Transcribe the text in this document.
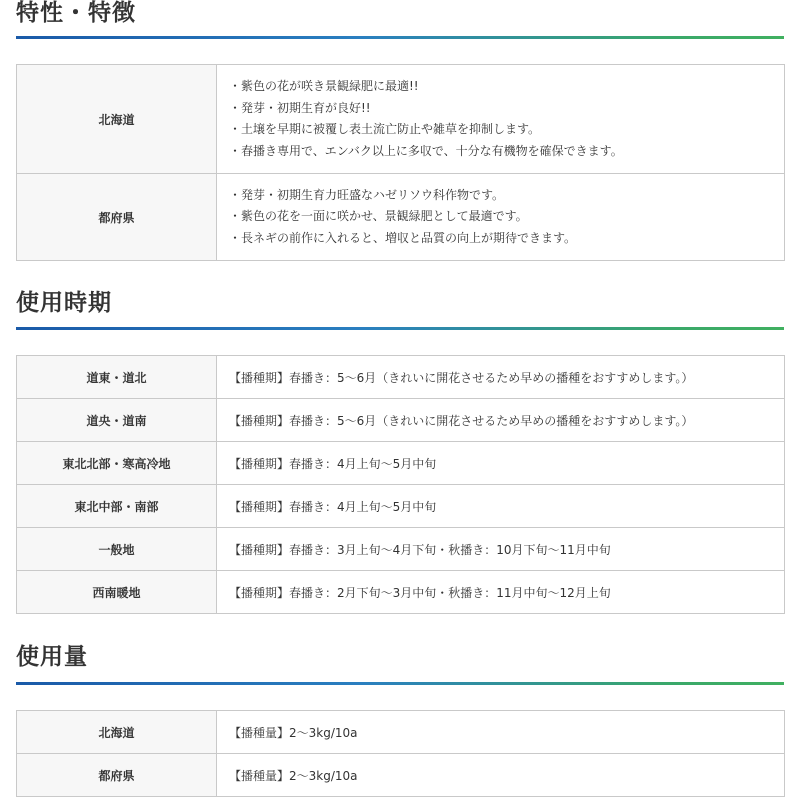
特性・特徴
北海道	・紫色の花が咲き景観緑肥に最適!!
・発芽・初期生育が良好!!
・土壌を早期に被覆し表土流亡防止や雑草を抑制します。
・春播き専用で、エンバク以上に多収で、十分な有機物を確保できます。

都府県	・発芽・初期生育力旺盛なハゼリソウ科作物です。
・紫色の花を一面に咲かせ、景観緑肥として最適です。
・長ネギの前作に入れると、増収と品質の向上が期待できます。
使用時期
道東・道北	【播種期】春播き：5～6月（きれいに開花させるため早めの播種をおすすめします。）
道央・道南	【播種期】春播き：5～6月（きれいに開花させるため早めの播種をおすすめします。）
東北北部・寒高冷地	【播種期】春播き：4月上旬～5月中旬
東北中部・南部	【播種期】春播き：4月上旬～5月中旬
一般地	【播種期】春播き：3月上旬～4月下旬・秋播き：10月下旬～11月中旬
西南暖地	【播種期】春播き：2月下旬～3月中旬・秋播き：11月中旬～12月上旬
使用量
北海道	【播種量】2～3kg/10a
都府県	【播種量】2～3kg/10a
